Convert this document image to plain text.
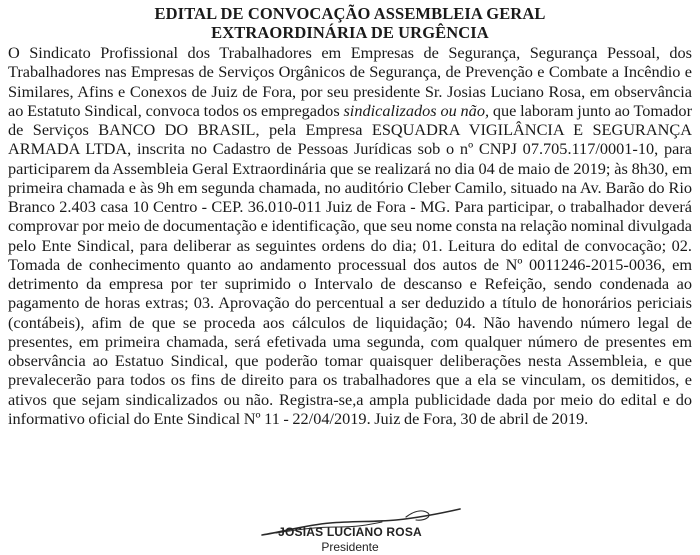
EDITAL DE CONVOCAÇÃO ASSEMBLEIA GERAL
EXTRAORDINÁRIA DE URGÊNCIA

O Sindicato Profissional dos Trabalhadores em Empresas de Segurança, Segurança Pessoal, dos Trabalhadores nas Empresas de Serviços Orgânicos de Segurança, de Prevenção e Combate a Incêndio e Similares, Afins e Conexos de Juiz de Fora, por seu presidente Sr. Josias Luciano Rosa, em observância ao Estatuto Sindical, convoca todos os empregados sindicalizados ou não, que laboram junto ao Tomador de Serviços BANCO DO BRASIL, pela Empresa ESQUADRA VIGILÂNCIA E SEGURANÇA ARMADA LTDA, inscrita no Cadastro de Pessoas Jurídicas sob o nº CNPJ 07.705.117/0001-10, para participarem da Assembleia Geral Extraordinária que se realizará no dia 04 de maio de 2019; às 8h30, em primeira chamada e às 9h em segunda chamada, no auditório Cleber Camilo, situado na Av. Barão do Rio Branco 2.403 casa 10 Centro - CEP. 36.010-011 Juiz de Fora - MG. Para participar, o trabalhador deverá comprovar por meio de documentação e identificação, que seu nome consta na relação nominal divulgada pelo Ente Sindical, para deliberar as seguintes ordens do dia; 01. Leitura do edital de convocação; 02. Tomada de conhecimento quanto ao andamento processual dos autos de Nº 0011246-2015-0036, em detrimento da empresa por ter suprimido o Intervalo de descanso e Refeição, sendo condenada ao pagamento de horas extras; 03. Aprovação do percentual a ser deduzido a título de honorários periciais (contábeis), afim de que se proceda aos cálculos de liquidação; 04. Não havendo número legal de presentes, em primeira chamada, será efetivada uma segunda, com qualquer número de presentes em observância ao Estatuo Sindical, que poderão tomar quaisquer deliberações nesta Assembleia, e que prevalecerão para todos os fins de direito para os trabalhadores que a ela se vinculam, os demitidos, e ativos que sejam sindicalizados ou não. Registra-se,a ampla publicidade dada por meio do edital e do informativo oficial do Ente Sindical Nº 11 - 22/04/2019. Juiz de Fora, 30 de abril de 2019.

JOSIAS LUCIANO ROSA
Presidente
